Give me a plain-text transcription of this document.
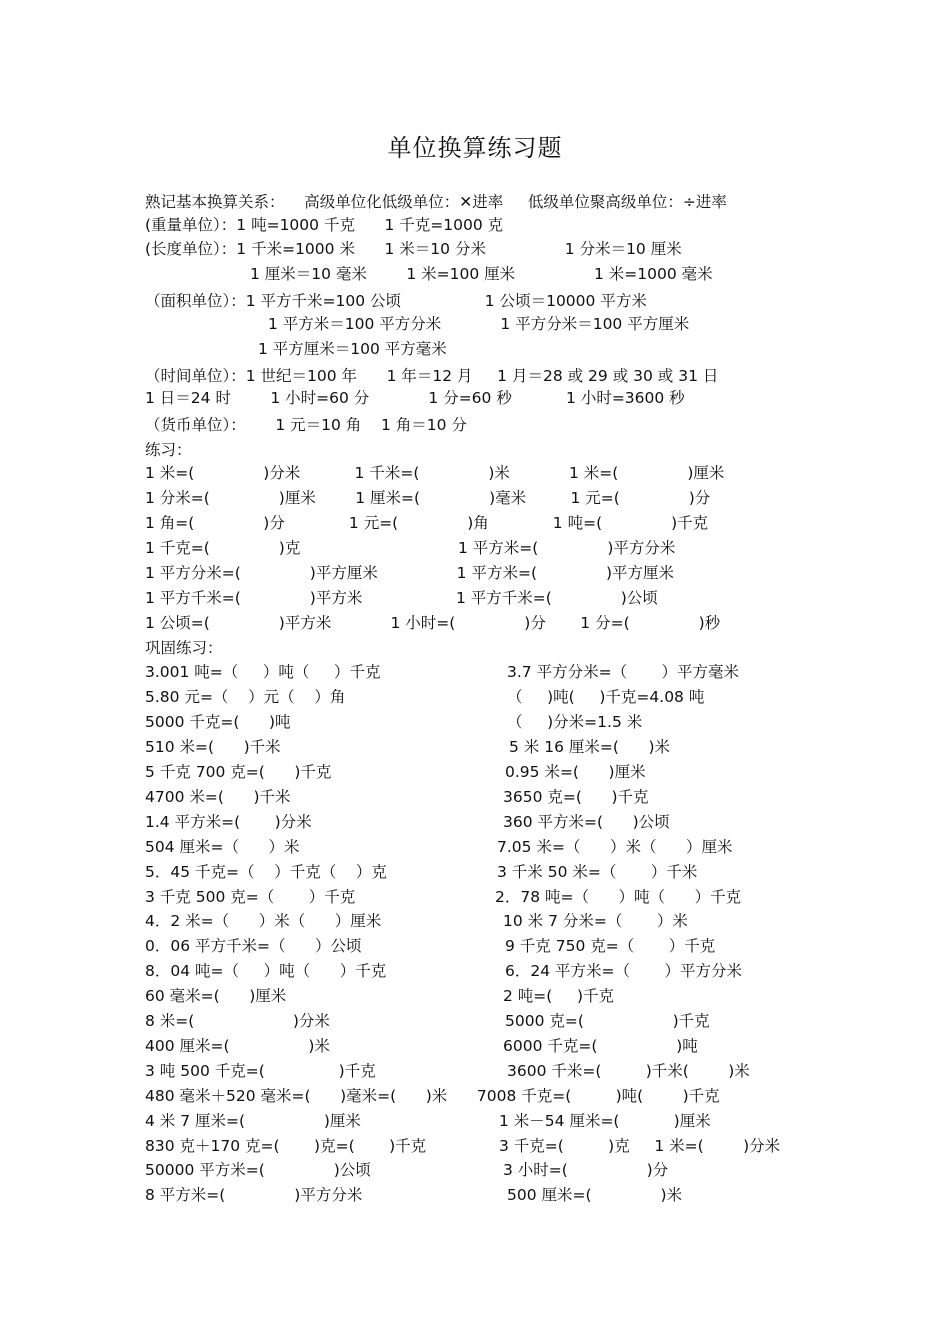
单位换算练习题
熟记基本换算关系：    高级单位化低级单位：✕进率     低级单位聚高级单位：÷进率
(重量单位）：1 吨=1000 千克      1 千克=1000 克
(长度单位）：1 千米=1000 米      1 米＝10 分米                1 分米＝10 厘米
1 厘米＝10 毫米        1 米=100 厘米                1 米=1000 毫米
（面积单位）：1 平方千米=100 公顷                 1 公顷＝10000 平方米
1 平方米＝100 平方分米            1 平方分米＝100 平方厘米
1 平方厘米＝100 平方毫米
（时间单位）：1 世纪＝100 年      1 年＝12 月     1 月＝28 或 29 或 30 或 31 日
1 日＝24 时        1 小时=60 分            1 分=60 秒           1 小时=3600 秒
（货币单位）：      1 元＝10 角    1 角＝10 分
练习：
1 米=(              )分米           1 千米=(              )米            1 米=(              )厘米
1 分米=(              )厘米        1 厘米=(              )毫米         1 元=(              )分
1 角=(              )分             1 元=(              )角             1 吨=(              )千克
1 千克=(              )克                                1 平方米=(              )平方分米
1 平方分米=(              )平方厘米                1 平方米=(              )平方厘米
1 平方千米=(              )平方米                   1 平方千米=(              )公顷
1 公顷=(              )平方米            1 小时=(              )分       1 分=(              )秒
巩固练习：
3.001 吨=（     ）吨（     ）千克	3.7 平方分米=（       ）平方毫米
5.80 元=（    ）元（    ）角	（     )吨(     )千克=4.08 吨
5000 千克=(      )吨	（     )分米=1.5 米
510 米=(      )千米	5 米 16 厘米=(      )米
5 千克 700 克=(      )千克	0.95 米=(      )厘米
4700 米=(      )千米	3650 克=(      )千克
1.4 平方米=(       )分米	360 平方米=(      )公顷
504 厘米=（      ）米	7.05 米=（      ）米（      ）厘米
5．45 千克=（    ）千克（    ）克	3 千米 50 米=（       ）千米
3 千克 500 克=（       ）千克	2．78 吨=（      ）吨（      ）千克
4．2 米=（      ）米（      ）厘米	10 米 7 分米=（       ）米
0．06 平方千米=（      ）公顷	9 千克 750 克=（       ）千克
8．04 吨=（     ）吨（      ）千克	6．24 平方米=（       ）平方分米
60 毫米=(      )厘米	2 吨=(     )千克
8 米=(                    )分米	5000 克=(                  )千克
400 厘米=(                )米	6000 千克=(                )吨
3 吨 500 千克=(               )千克	3600 千米=(         )千米(        )米
480 毫米＋520 毫米=(      )毫米=(      )米      7008 千克=(         )吨(        )千克
4 米 7 厘米=(                )厘米	1 米－54 厘米=(           )厘米
830 克＋170 克=(       )克=(       )千克	3 千克=(         )克     1 米=(        )分米
50000 平方米=(              )公顷	3 小时=(                )分
8 平方米=(              )平方分米	500 厘米=(              )米
